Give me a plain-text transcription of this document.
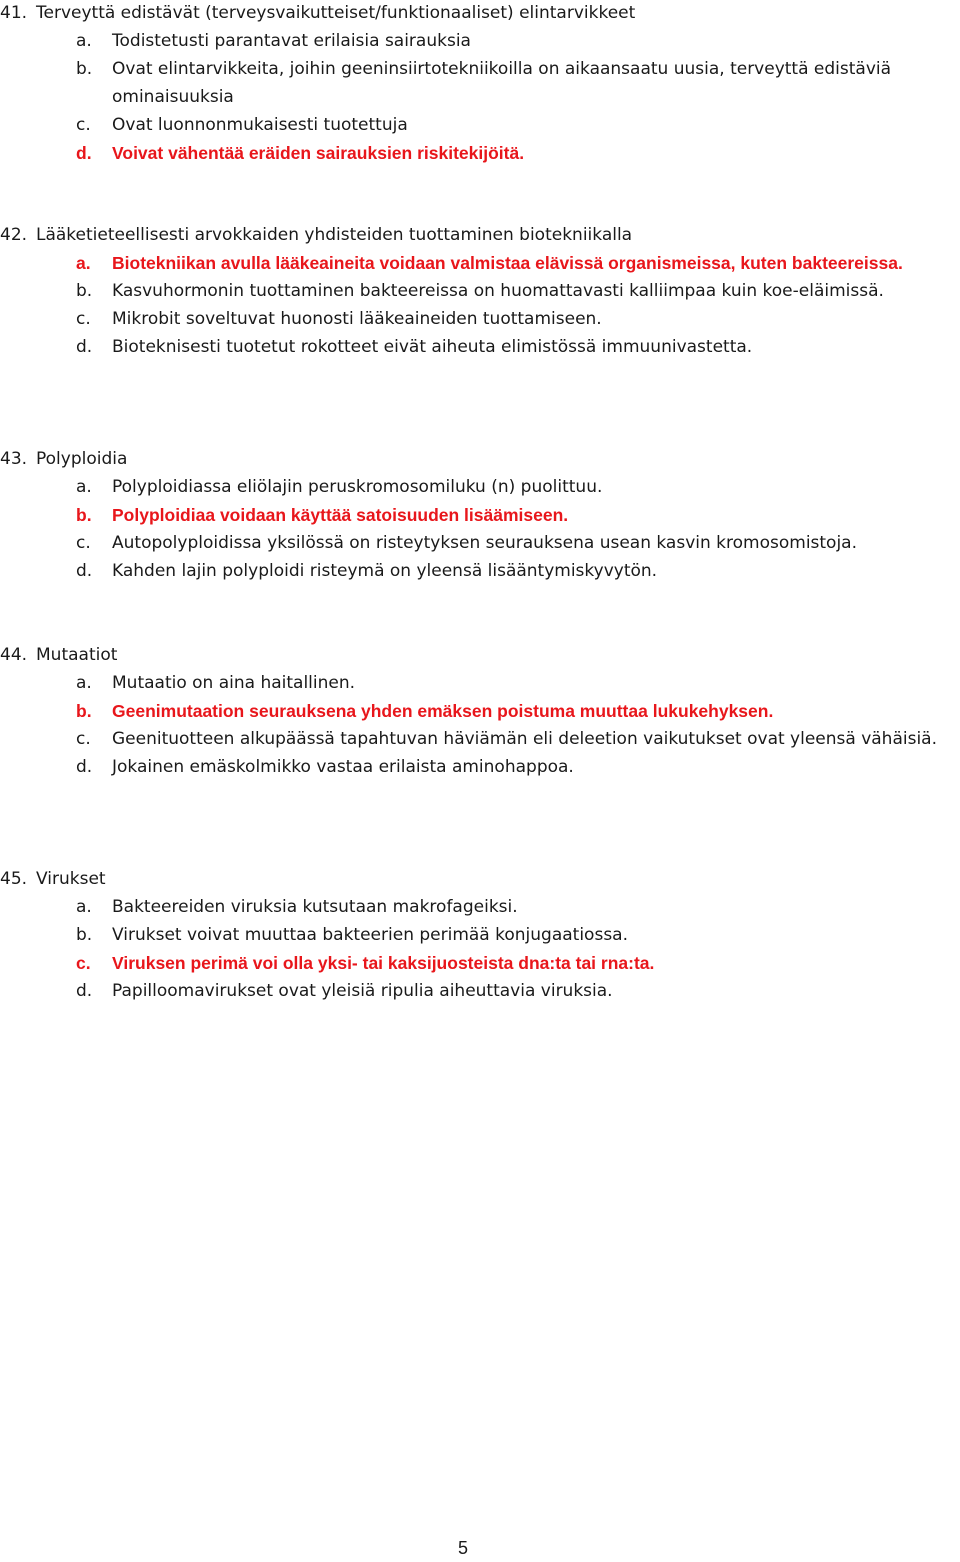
41. Terveyttä edistävät (terveysvaikutteiset/funktionaaliset) elintarvikkeet
a. Todistetusti parantavat erilaisia sairauksia
b. Ovat elintarvikkeita, joihin geeninsiirtotekniikoilla on aikaansaatu uusia, terveyttä edistäviä ominaisuuksia
c. Ovat luonnonmukaisesti tuotettuja
d. Voivat vähentää eräiden sairauksien riskitekijöitä.
42. Lääketieteellisesti arvokkaiden yhdisteiden tuottaminen biotekniikalla
a. Biotekniikan avulla lääkeaineita voidaan valmistaa elävissä organismeissa, kuten bakteereissa.
b. Kasvuhormonin tuottaminen bakteereissa on huomattavasti kalliimpaa kuin koe-eläimissä.
c. Mikrobit soveltuvat huonosti lääkeaineiden tuottamiseen.
d. Bioteknisesti tuotetut rokotteet eivät aiheuta elimistössä immuunivastetta.
43. Polyploidia
a. Polyploidiassa eliölajin peruskromosomiluku (n) puolittuu.
b. Polyploidiaa voidaan käyttää satoisuuden lisäämiseen.
c. Autopolyploidissa yksilössä on risteytyksen seurauksena usean kasvin kromosomistoja.
d. Kahden lajin polyploidi risteymä on yleensä lisääntymiskyvytön.
44. Mutaatiot
a. Mutaatio on aina haitallinen.
b. Geenimutaation seurauksena yhden emäksen poistuma muuttaa lukukehyksen.
c. Geenituotteen alkupäässä tapahtuvan häviämän eli deleetion vaikutukset ovat yleensä vähäisiä.
d. Jokainen emäskolmikko vastaa erilaista aminohappoa.
45. Virukset
a. Bakteereiden viruksia kutsutaan makrofageiksi.
b. Virukset voivat muuttaa bakteerien perimää konjugaatiossa.
c. Viruksen perimä voi olla yksi- tai kaksijuosteista dna:ta tai rna:ta.
d. Papilloomavirukset ovat yleisiä ripulia aiheuttavia viruksia.
5
